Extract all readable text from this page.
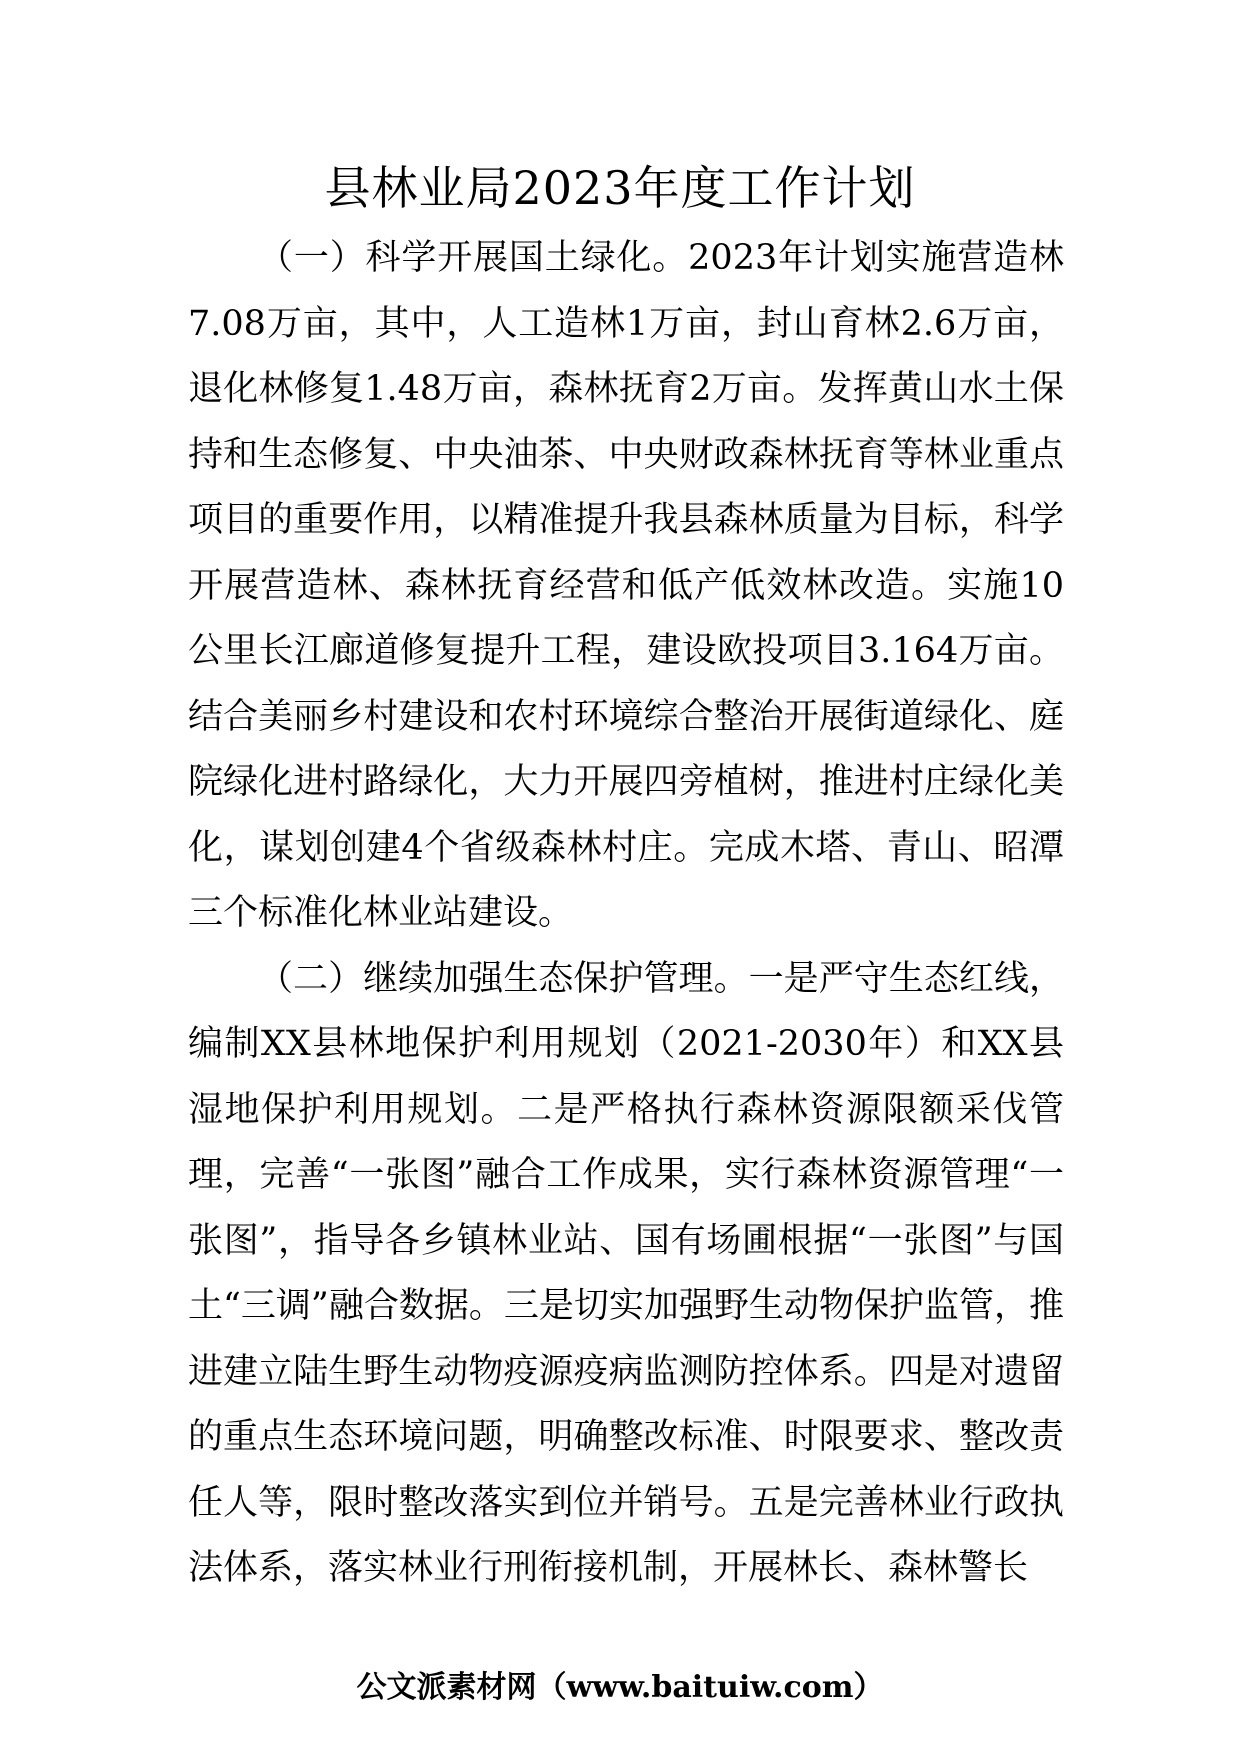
县林业局2023年度工作计划

（一）科学开展国土绿化。2023年计划实施营造林7.08万亩，其中，人工造林1万亩，封山育林2.6万亩，退化林修复1.48万亩，森林抚育2万亩。发挥黄山水土保持和生态修复、中央油茶、中央财政森林抚育等林业重点项目的重要作用，以精准提升我县森林质量为目标，科学开展营造林、森林抚育经营和低产低效林改造。实施10公里长江廊道修复提升工程，建设欧投项目3.164万亩。结合美丽乡村建设和农村环境综合整治开展街道绿化、庭院绿化进村路绿化，大力开展四旁植树，推进村庄绿化美化，谋划创建4个省级森林村庄。完成木塔、青山、昭潭三个标准化林业站建设。

（二）继续加强生态保护管理。一是严守生态红线，编制XX县林地保护利用规划（2021-2030年）和XX县湿地保护利用规划。二是严格执行森林资源限额采伐管理，完善“一张图”融合工作成果，实行森林资源管理“一张图”，指导各乡镇林业站、国有场圃根据“一张图”与国土“三调”融合数据。三是切实加强野生动物保护监管，推进建立陆生野生动物疫源疫病监测防控体系。四是对遗留的重点生态环境问题，明确整改标准、时限要求、整改责任人等，限时整改落实到位并销号。五是完善林业行政执法体系，落实林业行刑衔接机制，开展林长、森林警长

公文派素材网（www.baituiw.com）
